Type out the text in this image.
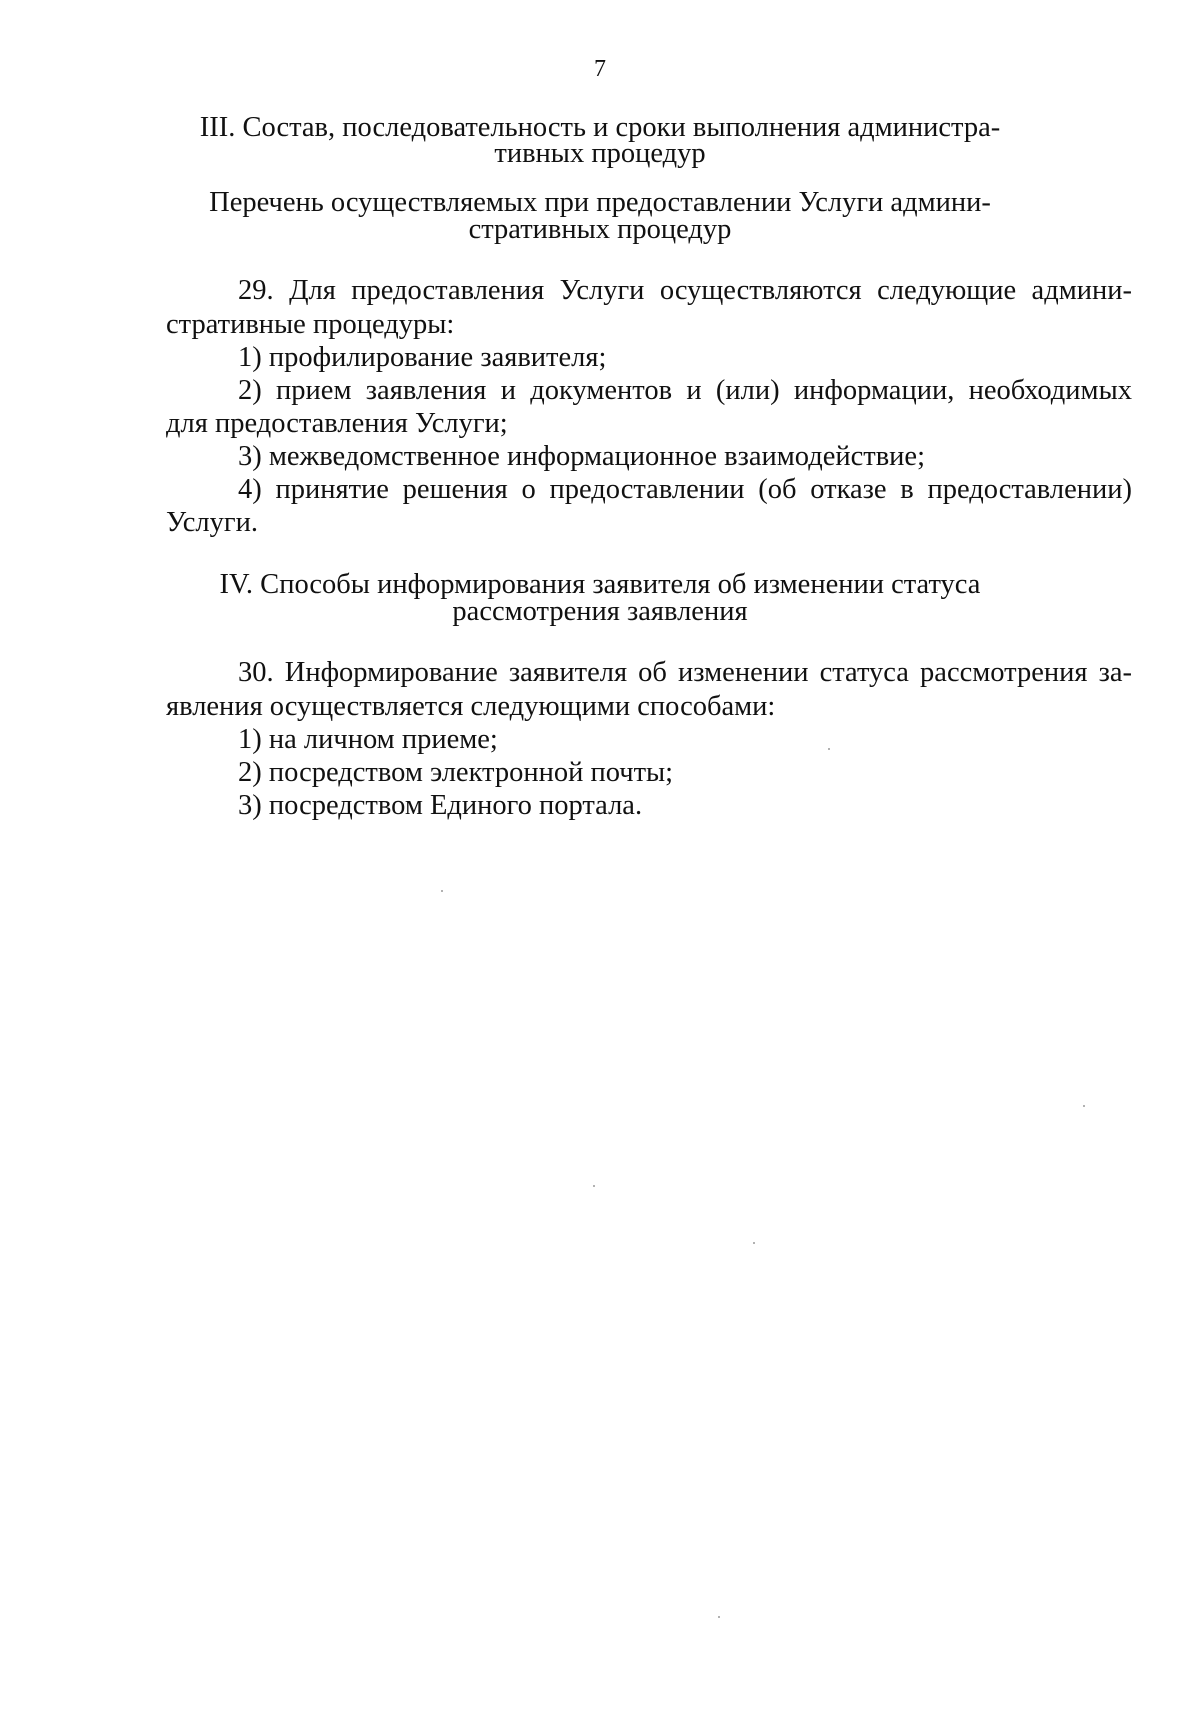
7

III. Состав, последовательность и сроки выполнения администра-

тивных процедур

Перечень осуществляемых при предоставлении Услуги админи-

стративных процедур

29. Для предоставления Услуги осуществляются следующие админи-

стративные процедуры:

1) профилирование заявителя;

2) прием заявления и документов и (или) информации, необходимых

для предоставления Услуги;

3) межведомственное информационное взаимодействие;

4) принятие решения о предоставлении (об отказе в предоставлении)

Услуги.

IV. Способы информирования заявителя об изменении статуса

рассмотрения заявления

30. Информирование заявителя об изменении статуса рассмотрения за-

явления осуществляется следующими способами:

1) на личном приеме;

2) посредством электронной почты;

3) посредством Единого портала.
